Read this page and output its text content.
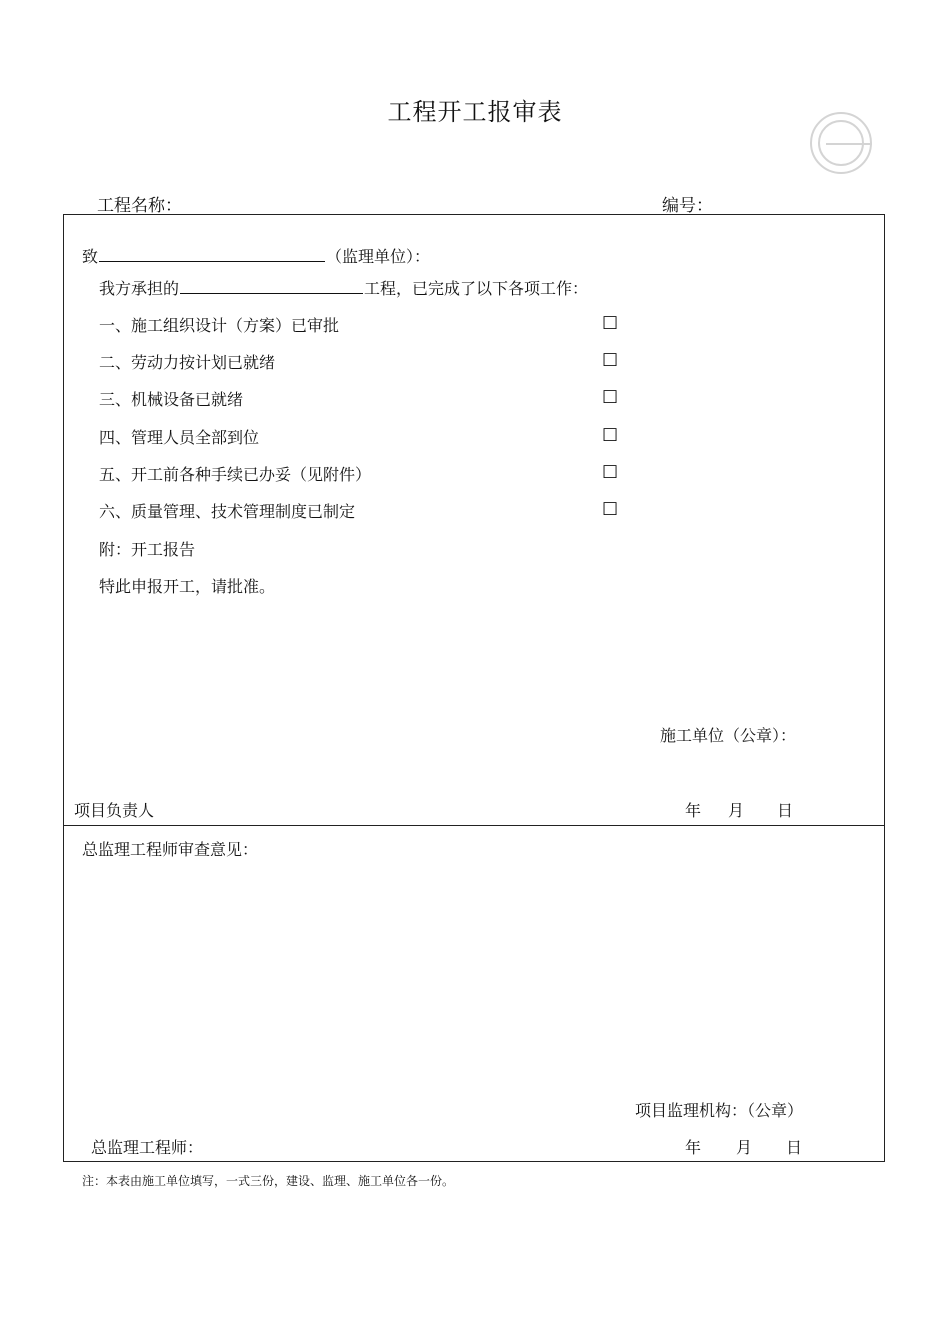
工程开工报审表
工程名称：	编号：
致	（监理单位）：
我方承担的	工程，已完成了以下各项工作：
一、施工组织设计（方案）已审批	□
二、劳动力按计划已就绪	□
三、机械设备已就绪	□
四、管理人员全部到位	□
五、开工前各种手续已办妥（见附件）	□
六、质量管理、技术管理制度已制定	□
附：开工报告
特此申报开工，请批准。
施工单位（公章）：
项目负责人	年 月 日
总监理工程师审查意见：
项目监理机构：（公章）
总监理工程师：	年 月 日
注：本表由施工单位填写，一式三份，建设、监理、施工单位各一份。
